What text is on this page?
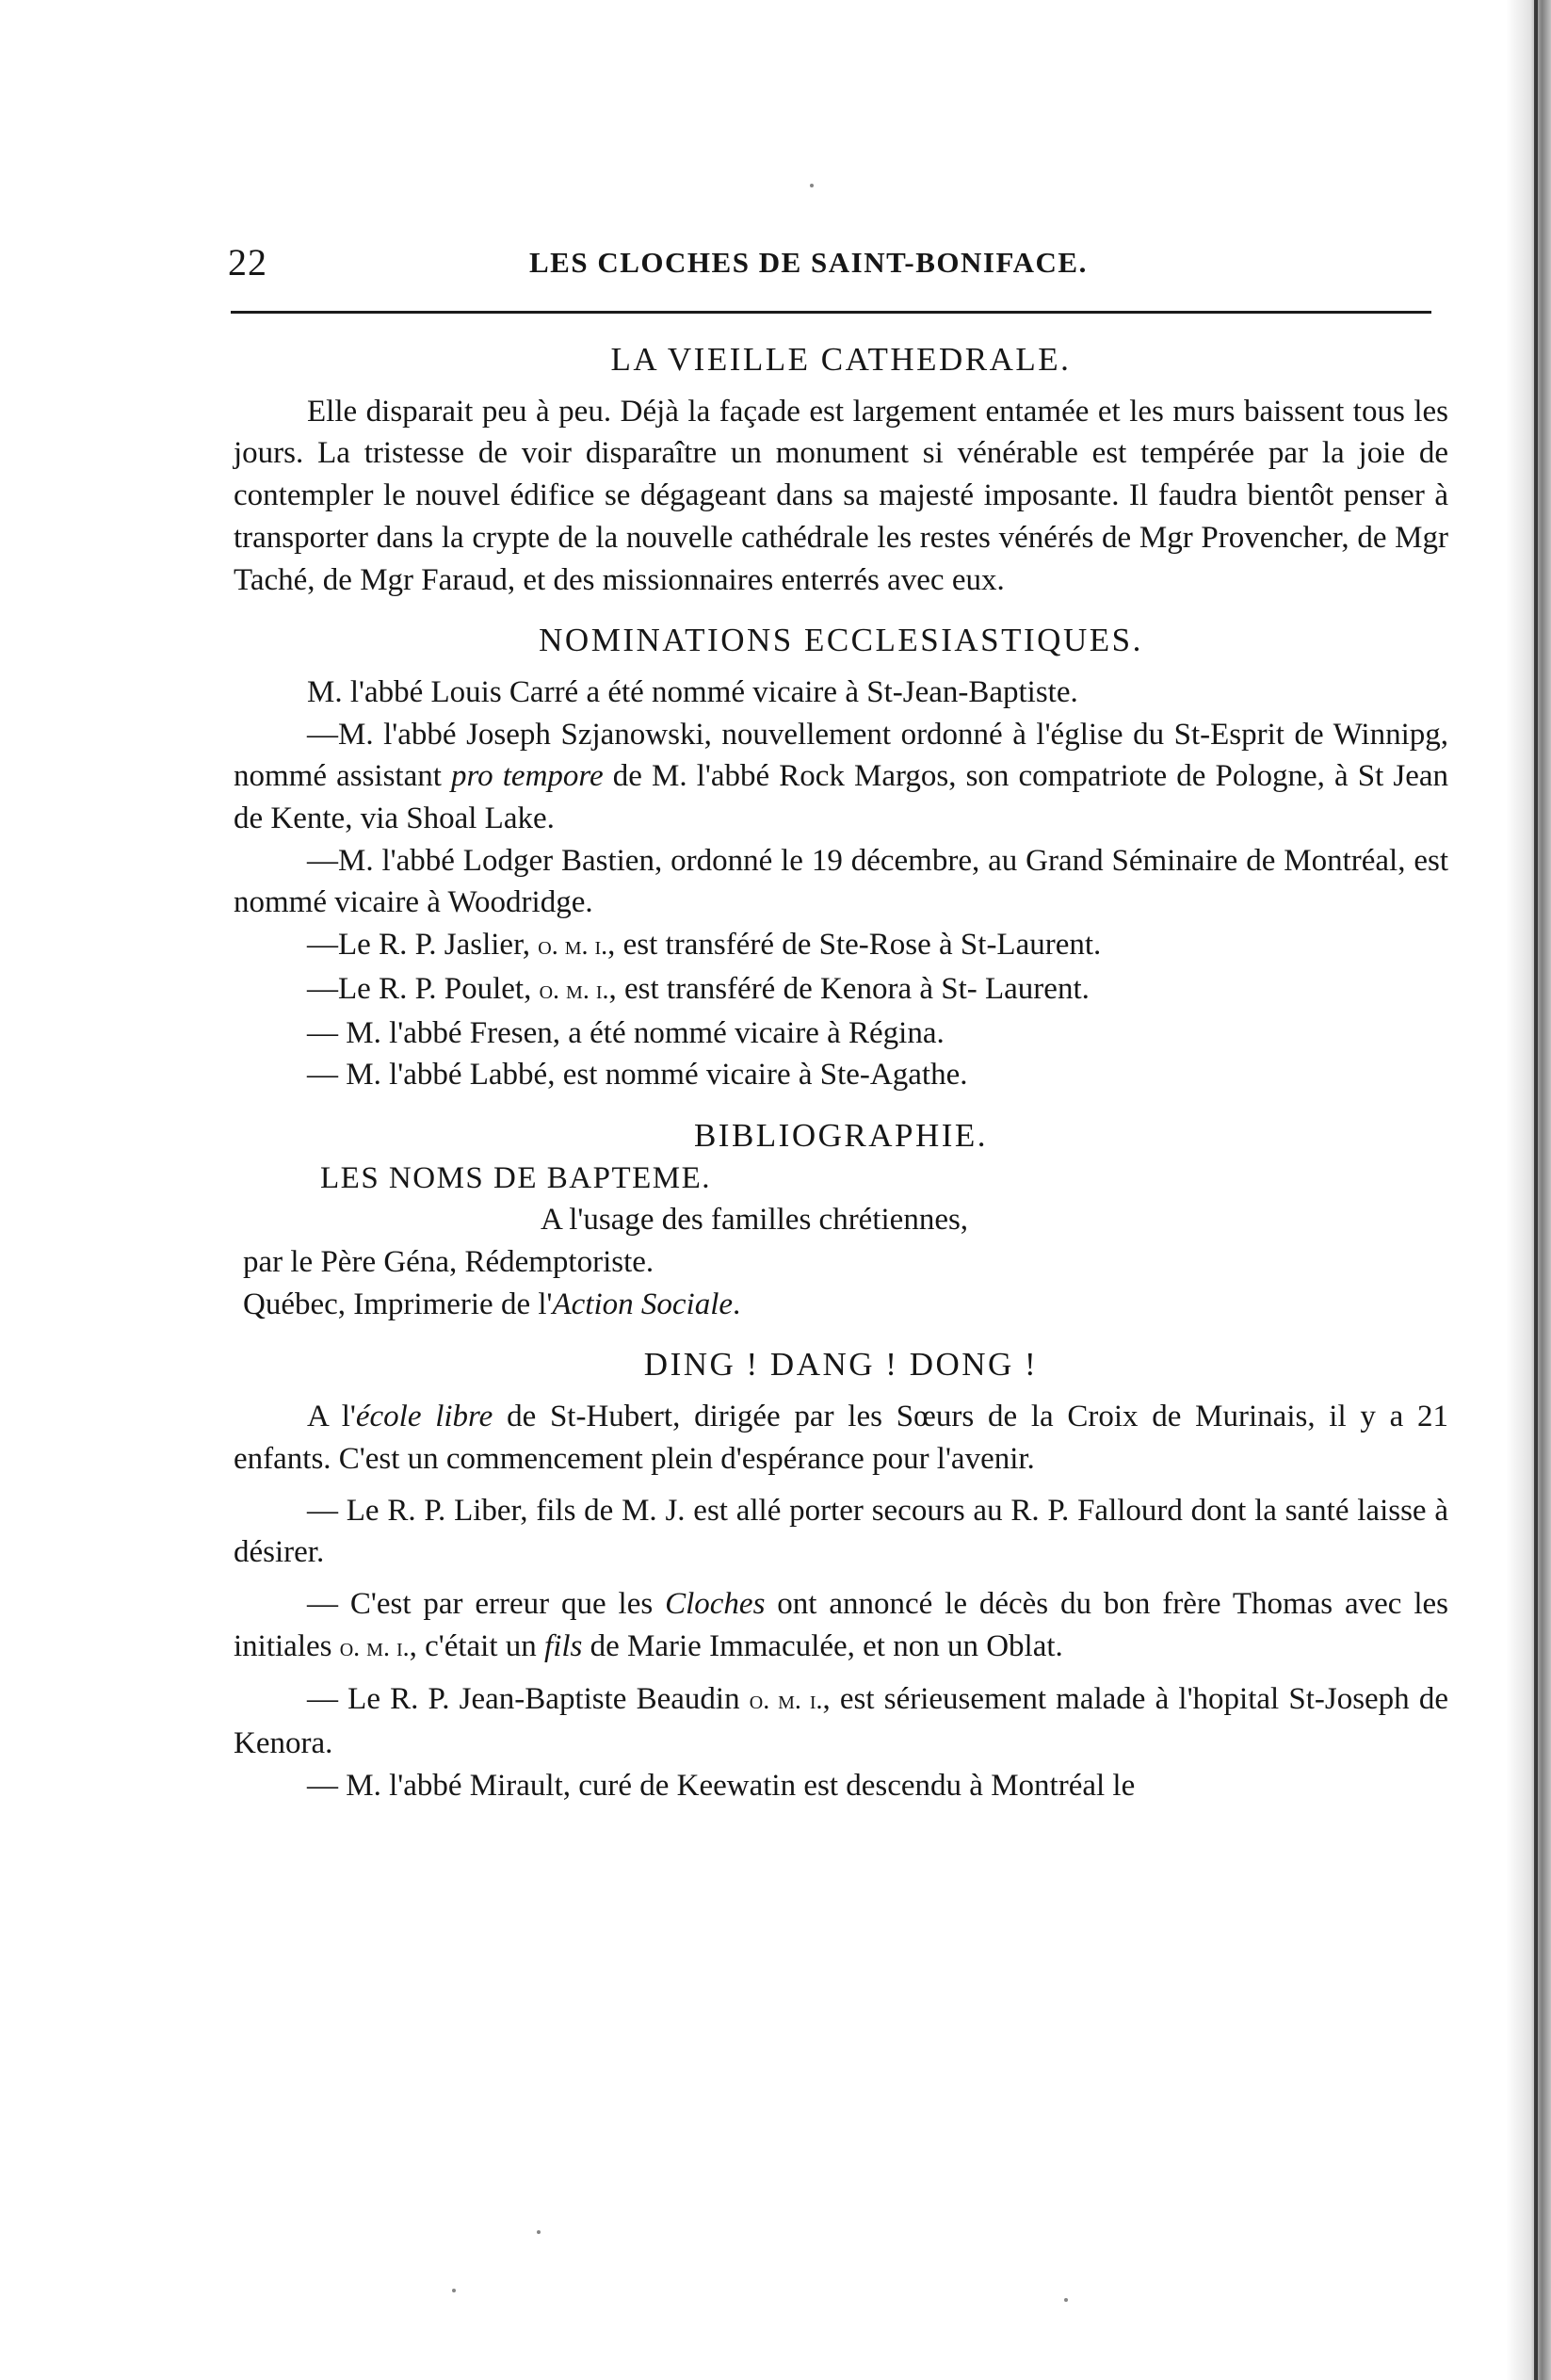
22	LES CLOCHES DE SAINT-BONIFACE.
LA VIEILLE CATHEDRALE.

Elle disparait peu à peu. Déjà la façade est largement entamée et les murs baissent tous les jours. La tristesse de voir disparaître un monument si vénérable est tempérée par la joie de contempler le nouvel édifice se dégageant dans sa majesté imposante. Il faudra bientôt penser à transporter dans la crypte de la nouvelle cathédrale les restes vénérés de Mgr Provencher, de Mgr Taché, de Mgr Faraud, et des missionnaires enterrés avec eux.

NOMINATIONS ECCLESIASTIQUES.

M. l'abbé Louis Carré a été nommé vicaire à St-Jean-Baptiste.

—M. l'abbé Joseph Szjanowski, nouvellement ordonné à l'église du St-Esprit de Winnipg, nommé assistant pro tempore de M. l'abbé Rock Margos, son compatriote de Pologne, à St Jean de Kente, via Shoal Lake.

—M. l'abbé Lodger Bastien, ordonné le 19 décembre, au Grand Séminaire de Montréal, est nommé vicaire à Woodridge.

—Le R. P. Jaslier, o. m. i., est transféré de Ste-Rose à St-Laurent.

—Le R. P. Poulet, o. m. i., est transféré de Kenora à St- Laurent.

— M. l'abbé Fresen, a été nommé vicaire à Régina.

— M. l'abbé Labbé, est nommé vicaire à Ste-Agathe.

BIBLIOGRAPHIE.

LES NOMS DE BAPTEME.

A l'usage des familles chrétiennes,

par le Père Géna, Rédemptoriste.

Québec, Imprimerie de l'Action Sociale.

DING ! DANG ! DONG !

A l'école libre de St-Hubert, dirigée par les Sœurs de la Croix de Murinais, il y a 21 enfants. C'est un commencement plein d'espérance pour l'avenir.

— Le R. P. Liber, fils de M. J. est allé porter secours au R. P. Fallourd dont la santé laisse à désirer.

— C'est par erreur que les Cloches ont annoncé le décès du bon frère Thomas avec les initiales o. m. i., c'était un fils de Marie Immaculée, et non un Oblat.

— Le R. P. Jean-Baptiste Beaudin o. m. i., est sérieusement malade à l'hopital St-Joseph de Kenora.

— M. l'abbé Mirault, curé de Keewatin est descendu à Montréal le
